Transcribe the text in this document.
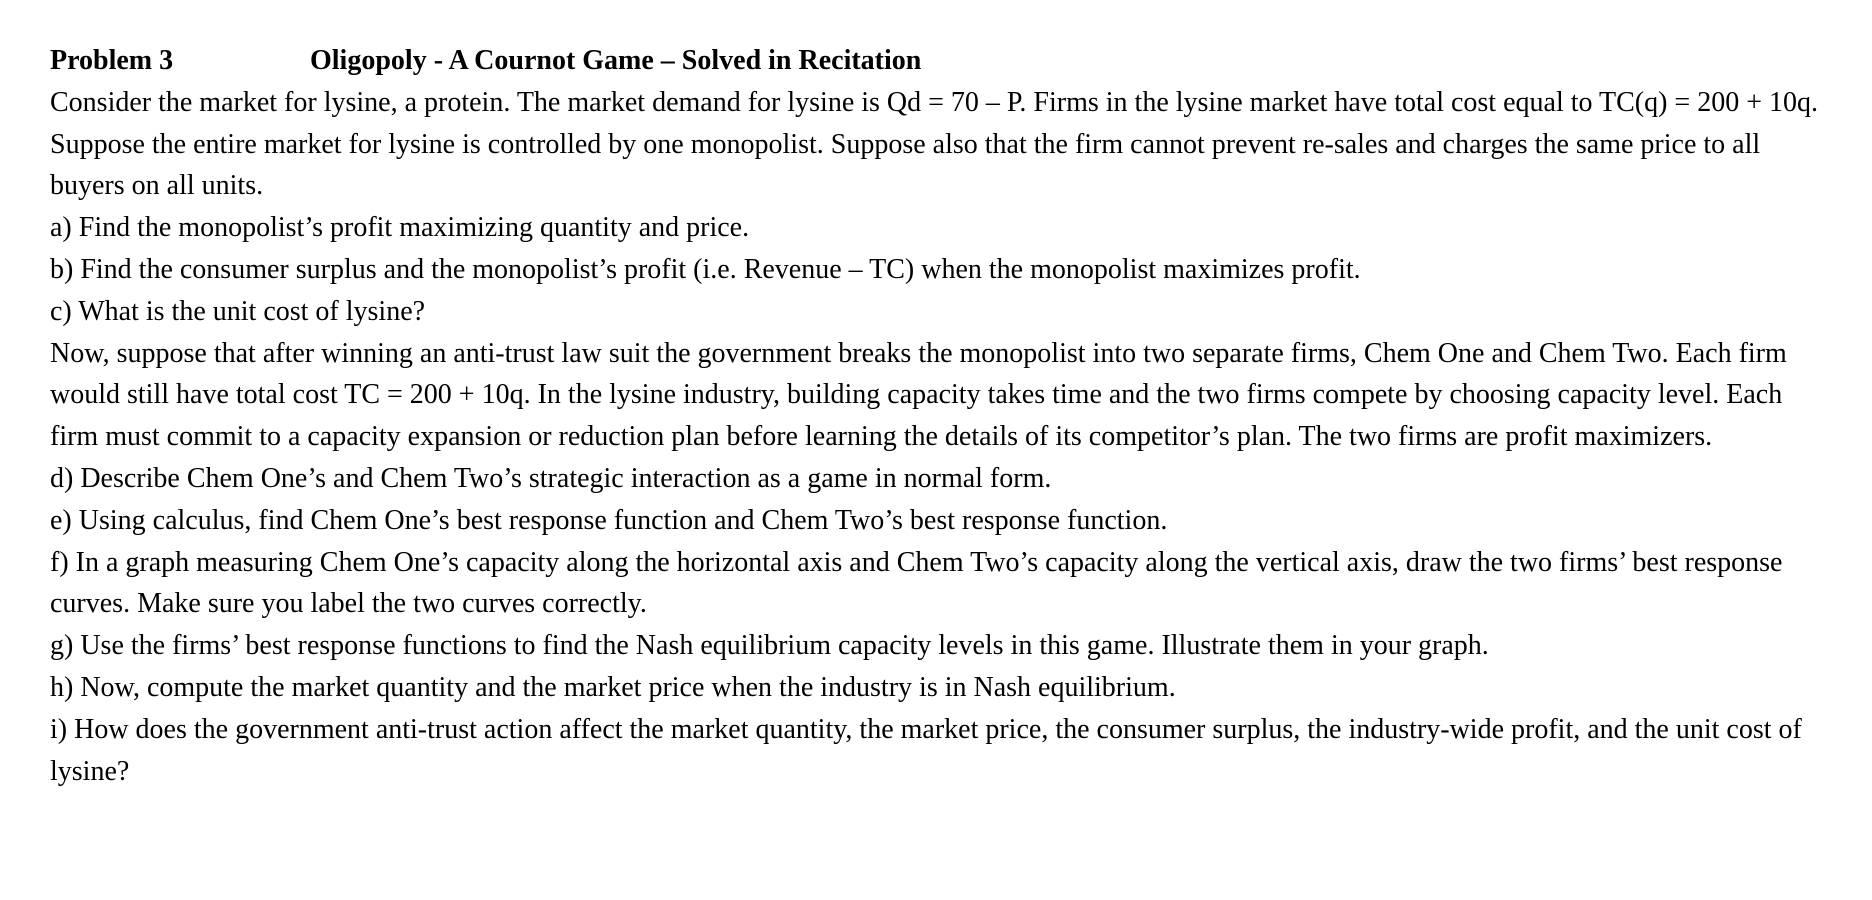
Problem 3	Oligopoly - A Cournot Game – Solved in Recitation

Consider the market for lysine, a protein. The market demand for lysine is Qd = 70 – P. Firms in the lysine market have total cost equal to TC(q) = 200 + 10q.

Suppose the entire market for lysine is controlled by one monopolist. Suppose also that the firm cannot prevent re-sales and charges the same price to all buyers on all units.

a) Find the monopolist’s profit maximizing quantity and price.

b) Find the consumer surplus and the monopolist’s profit (i.e. Revenue – TC) when the monopolist maximizes profit.

c) What is the unit cost of lysine?

Now, suppose that after winning an anti-trust law suit the government breaks the monopolist into two separate firms, Chem One and Chem Two. Each firm would still have total cost TC = 200 + 10q. In the lysine industry, building capacity takes time and the two firms compete by choosing capacity level. Each firm must commit to a capacity expansion or reduction plan before learning the details of its competitor’s plan. The two firms are profit maximizers.

d) Describe Chem One’s and Chem Two’s strategic interaction as a game in normal form.

e) Using calculus, find Chem One’s best response function and Chem Two’s best response function.

f) In a graph measuring Chem One’s capacity along the horizontal axis and Chem Two’s capacity along the vertical axis, draw the two firms’ best response curves. Make sure you label the two curves correctly.

g) Use the firms’ best response functions to find the Nash equilibrium capacity levels in this game. Illustrate them in your graph.

h) Now, compute the market quantity and the market price when the industry is in Nash equilibrium.

i) How does the government anti-trust action affect the market quantity, the market price, the consumer surplus, the industry-wide profit, and the unit cost of lysine?
